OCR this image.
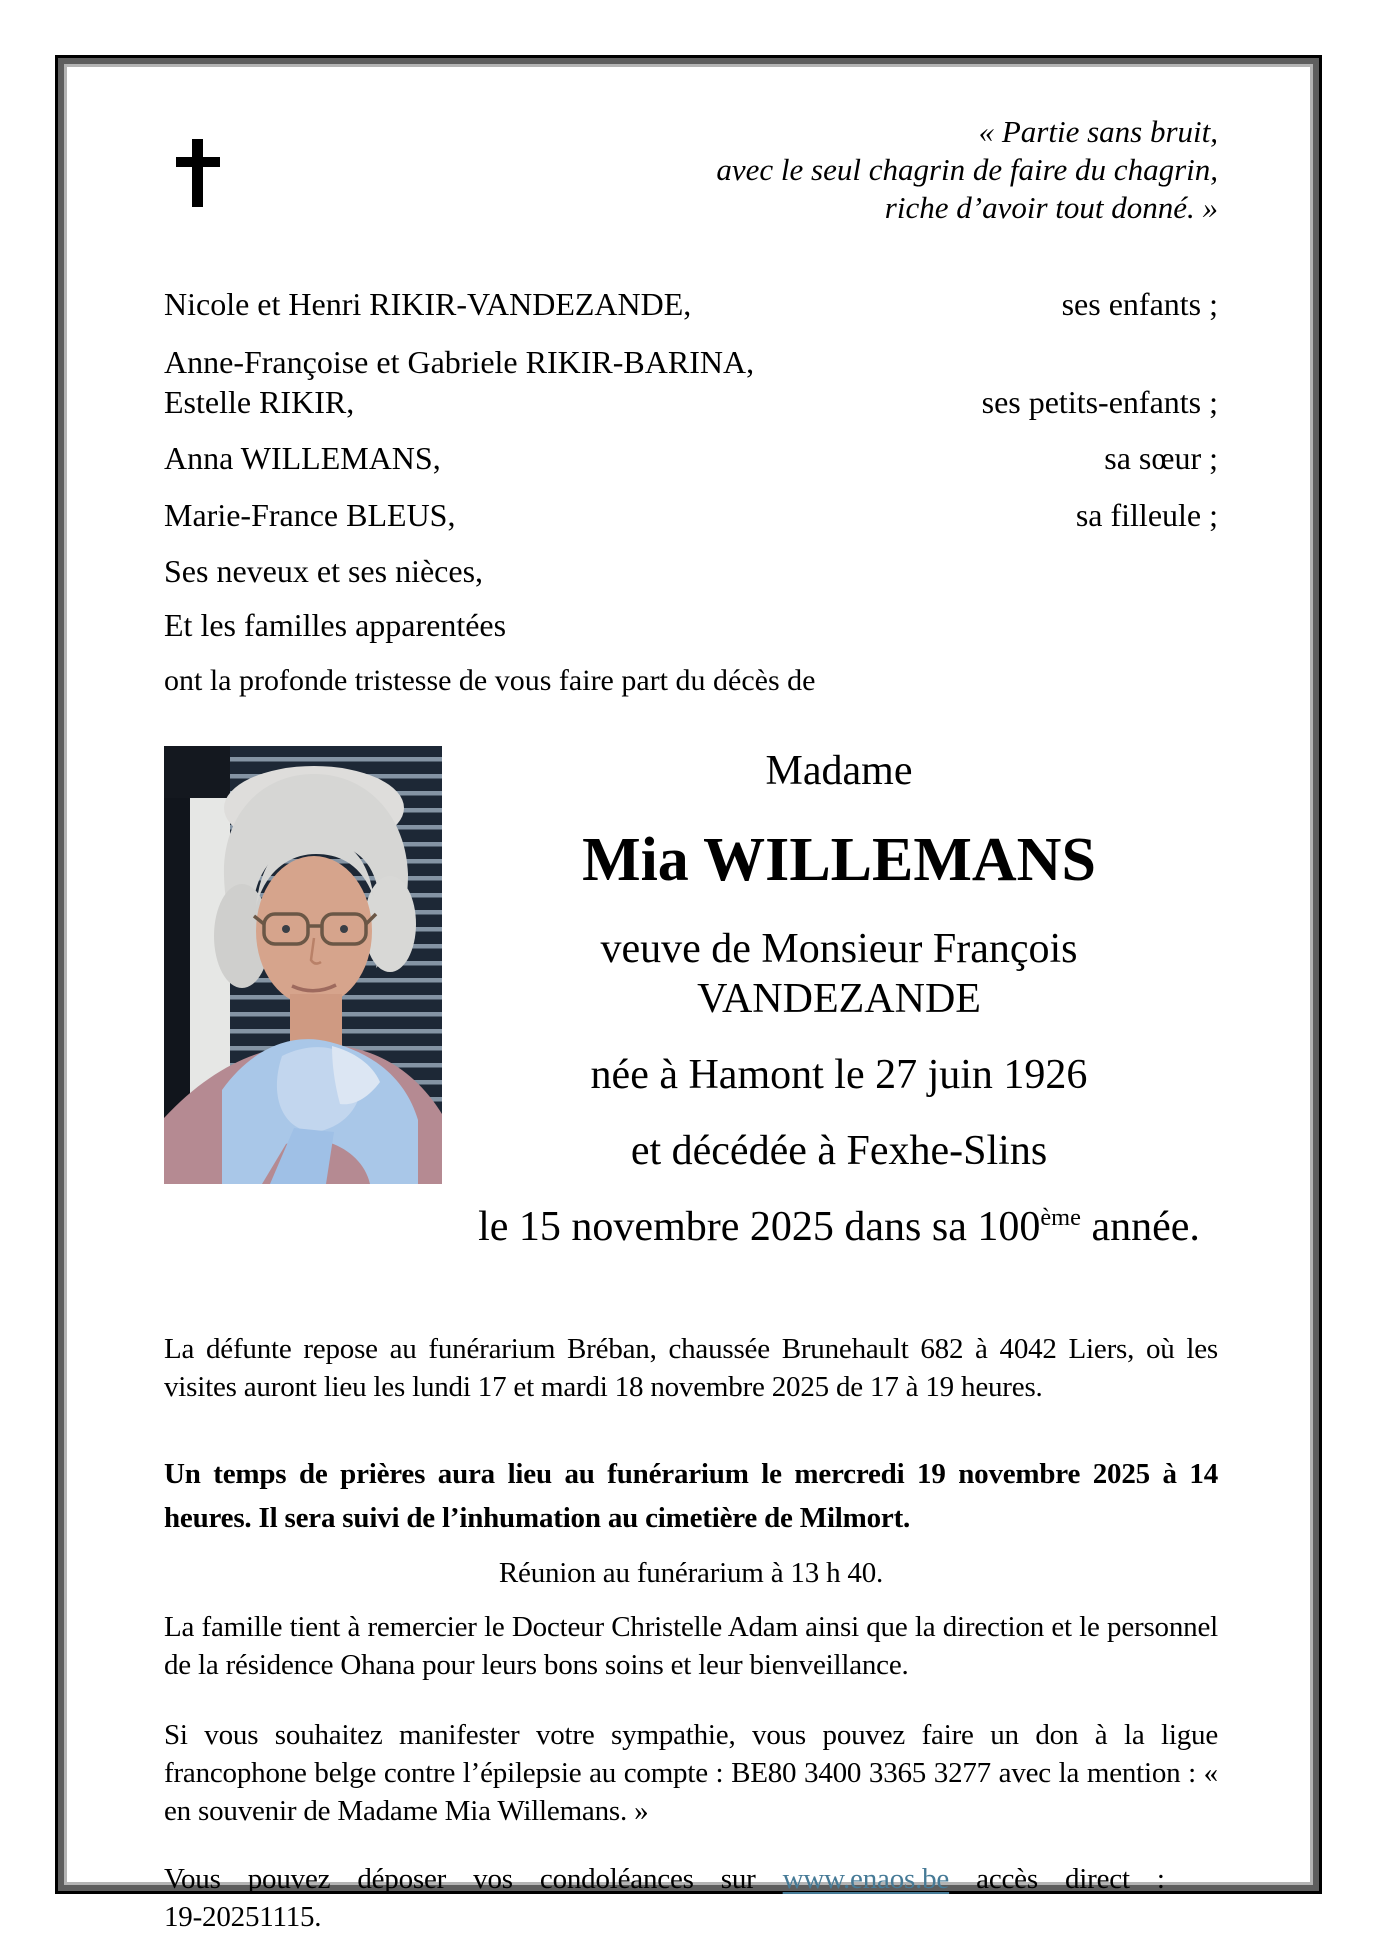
« Partie sans bruit,
avec le seul chagrin de faire du chagrin,
riche d’avoir tout donné. »
Nicole et Henri RIKIR-VANDEZANDE,	ses enfants ;
Anne-Françoise et Gabriele RIKIR-BARINA,
Estelle RIKIR,	ses petits-enfants ;
Anna WILLEMANS,	sa sœur ;
Marie-France BLEUS,	sa filleule ;
Ses neveux et ses nièces,
Et les familles apparentées
ont la profonde tristesse de vous faire part du décès de
Madame
Mia WILLEMANS
veuve de Monsieur François VANDEZANDE
née à Hamont le 27 juin 1926
et décédée à Fexhe-Slins
le 15 novembre 2025 dans sa 100ème année.
La défunte repose au funérarium Bréban, chaussée Brunehault 682 à 4042 Liers, où les visites auront lieu les lundi 17 et mardi 18 novembre 2025 de 17 à 19 heures.
Un temps de prières aura lieu au funérarium le mercredi 19 novembre 2025 à 14 heures. Il sera suivi de l’inhumation au cimetière de Milmort.
Réunion au funérarium à 13 h 40.
La famille tient à remercier le Docteur Christelle Adam ainsi que la direction et le personnel de la résidence Ohana pour leurs bons soins et leur bienveillance.
Si vous souhaitez manifester votre sympathie, vous pouvez faire un don à la ligue francophone belge contre l’épilepsie au compte : BE80 3400 3365 3277 avec la mention : « en souvenir de Madame Mia Willemans. »
Vous pouvez déposer vos condoléances sur www.enaos.be accès direct :
19-20251115.
